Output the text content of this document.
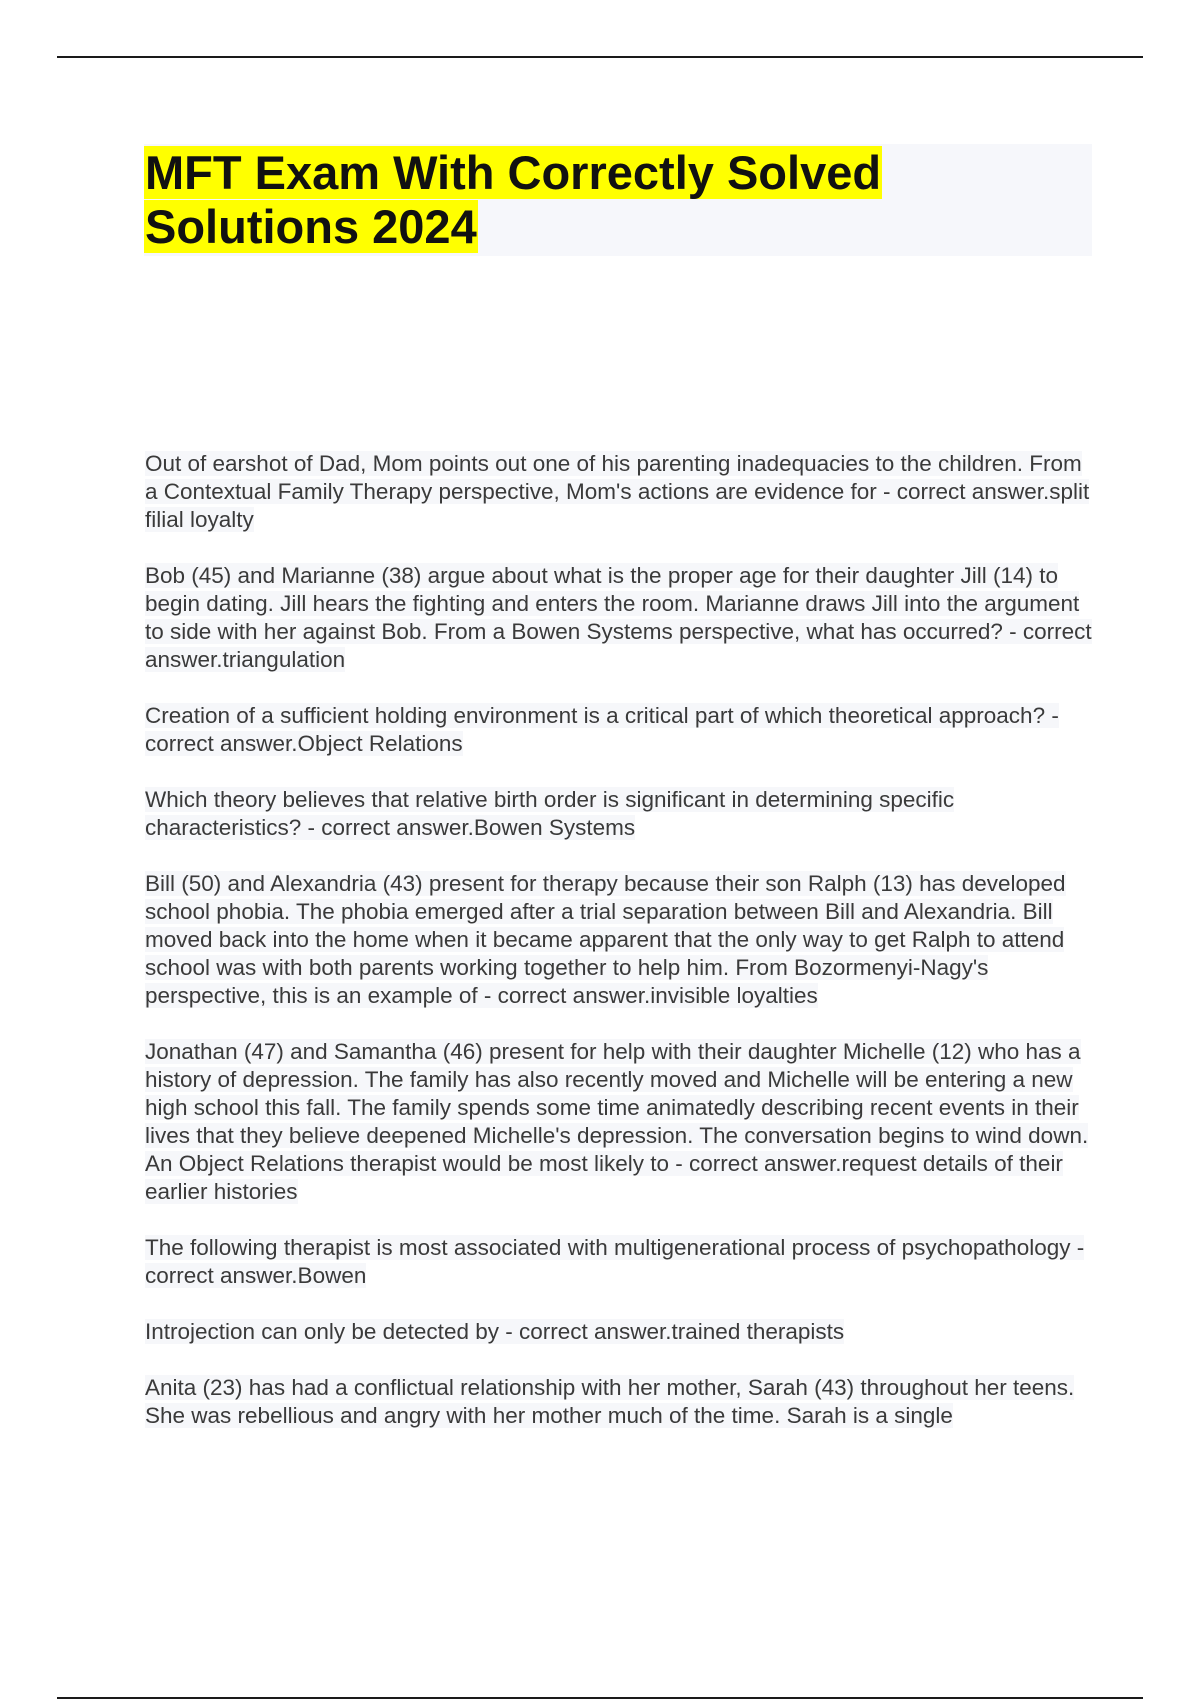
MFT Exam With Correctly Solved Solutions 2024

Out of earshot of Dad, Mom points out one of his parenting inadequacies to the children. From a Contextual Family Therapy perspective, Mom's actions are evidence for - correct answer.split filial loyalty

Bob (45) and Marianne (38) argue about what is the proper age for their daughter Jill (14) to begin dating. Jill hears the fighting and enters the room. Marianne draws Jill into the argument to side with her against Bob. From a Bowen Systems perspective, what has occurred? - correct answer.triangulation

Creation of a sufficient holding environment is a critical part of which theoretical approach? - correct answer.Object Relations

Which theory believes that relative birth order is significant in determining specific characteristics? - correct answer.Bowen Systems

Bill (50) and Alexandria (43) present for therapy because their son Ralph (13) has developed school phobia. The phobia emerged after a trial separation between Bill and Alexandria. Bill moved back into the home when it became apparent that the only way to get Ralph to attend school was with both parents working together to help him. From Bozormenyi-Nagy's perspective, this is an example of - correct answer.invisible loyalties

Jonathan (47) and Samantha (46) present for help with their daughter Michelle (12) who has a history of depression. The family has also recently moved and Michelle will be entering a new high school this fall. The family spends some time animatedly describing recent events in their lives that they believe deepened Michelle's depression. The conversation begins to wind down. An Object Relations therapist would be most likely to - correct answer.request details of their earlier histories

The following therapist is most associated with multigenerational process of psychopathology - correct answer.Bowen

Introjection can only be detected by - correct answer.trained therapists

Anita (23) has had a conflictual relationship with her mother, Sarah (43) throughout her teens. She was rebellious and angry with her mother much of the time. Sarah is a single
